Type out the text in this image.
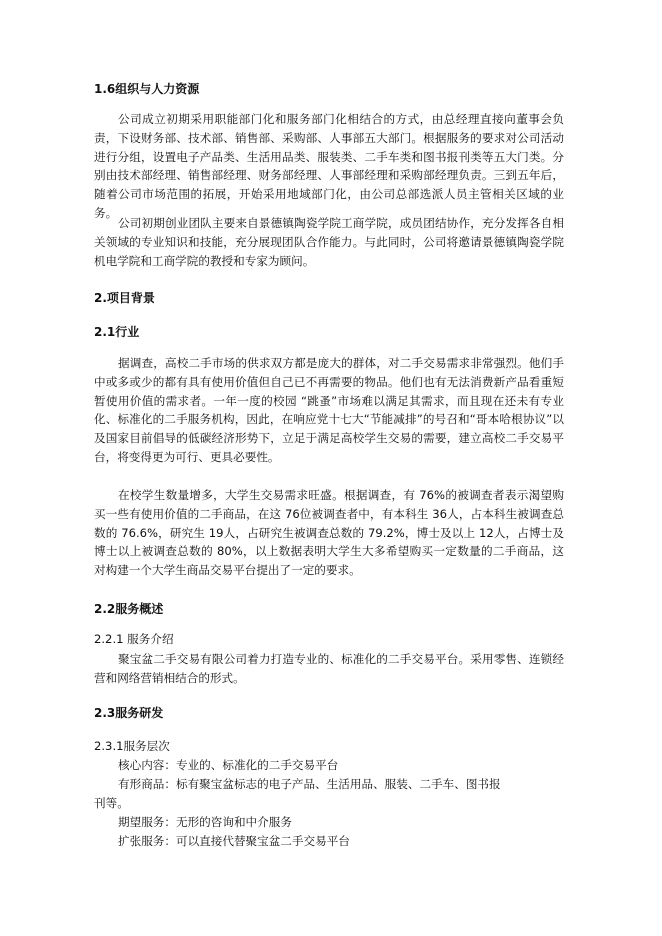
1.6组织与人力资源
公司成立初期采用职能部门化和服务部门化相结合的方式，由总经理直接向董事会负责，下设财务部、技术部、销售部、采购部、人事部五大部门。根据服务的要求对公司活动进行分组，设置电子产品类、生活用品类、服装类、二手车类和图书报刊类等五大门类。分别由技术部经理、销售部经理、财务部经理、人事部经理和采购部经理负责。三到五年后，随着公司市场范围的拓展，开始采用地域部门化，由公司总部选派人员主管相关区域的业务。
公司初期创业团队主要来自景德镇陶瓷学院工商学院，成员团结协作，充分发挥各自相关领域的专业知识和技能，充分展现团队合作能力。与此同时，公司将邀请景德镇陶瓷学院机电学院和工商学院的教授和专家为顾问。
2.项目背景
2.1行业
据调查，高校二手市场的供求双方都是庞大的群体，对二手交易需求非常强烈。他们手中或多或少的都有具有使用价值但自己已不再需要的物品。他们也有无法消费新产品看重短暂使用价值的需求者。一年一度的校园 “跳蚤”市场难以满足其需求，而且现在还未有专业化、标准化的二手服务机构，因此，在响应党十七大“节能减排”的号召和“哥本哈根协议”以及国家目前倡导的低碳经济形势下，立足于满足高校学生交易的需要，建立高校二手交易平台，将变得更为可行、更具必要性。
在校学生数量增多，大学生交易需求旺盛。根据调查，有 76%的被调查者表示渴望购买一些有使用价值的二手商品，在这 76位被调查者中，有本科生 36人，占本科生被调查总数的 76.6%，研究生 19人，占研究生被调查总数的 79.2%，博士及以上 12人，占博士及博士以上被调查总数的 80%，以上数据表明大学生大多希望购买一定数量的二手商品，这对构建一个大学生商品交易平台提出了一定的要求。
2.2服务概述
2.2.1 服务介绍
聚宝盆二手交易有限公司着力打造专业的、标准化的二手交易平台。采用零售、连锁经营和网络营销相结合的形式。
2.3服务研发
2.3.1服务层次
核心内容：专业的、标准化的二手交易平台
有形商品：标有聚宝盆标志的电子产品、生活用品、服装、二手车、图书报
刊等。
期望服务：无形的咨询和中介服务
扩张服务：可以直接代替聚宝盆二手交易平台
